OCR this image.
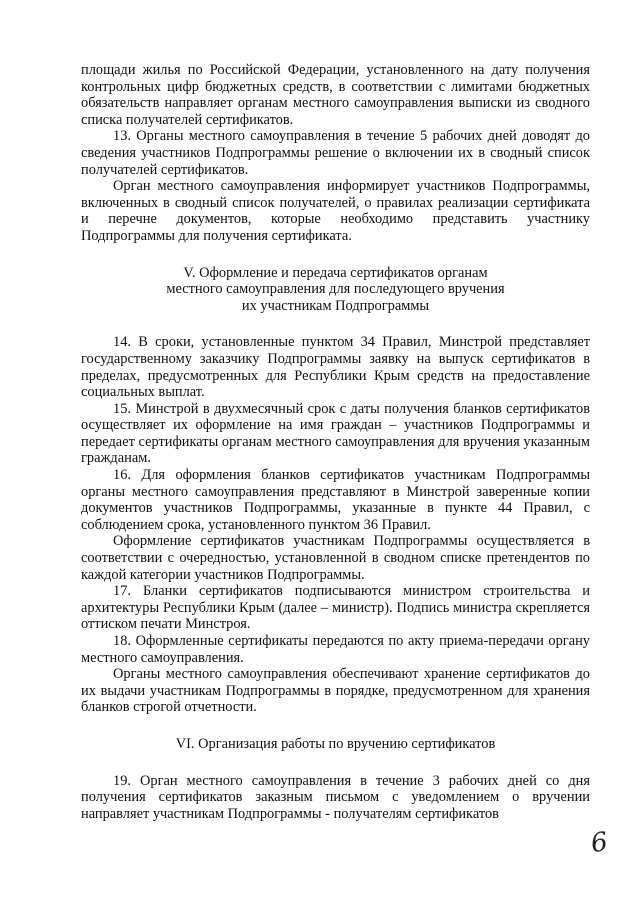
площади жилья по Российской Федерации, установленного на дату получения контрольных цифр бюджетных средств, в соответствии с лимитами бюджетных обязательств направляет органам местного самоуправления выписки из сводного списка получателей сертификатов.

13. Органы местного самоуправления в течение 5 рабочих дней доводят до сведения участников Подпрограммы решение о включении их в сводный список получателей сертификатов.

Орган местного самоуправления информирует участников Подпрограммы, включенных в сводный список получателей, о правилах реализации сертификата и перечне документов, которые необходимо представить участнику Подпрограммы для получения сертификата.

V. Оформление и передача сертификатов органам
местного самоуправления для последующего вручения
их участникам Подпрограммы

14. В сроки, установленные пунктом 34 Правил, Минстрой представляет государственному заказчику Подпрограммы заявку на выпуск сертификатов в пределах, предусмотренных для Республики Крым средств на предоставление социальных выплат.

15. Минстрой в двухмесячный срок с даты получения бланков сертификатов осуществляет их оформление на имя граждан – участников Подпрограммы и передает сертификаты органам местного самоуправления для вручения указанным гражданам.

16. Для оформления бланков сертификатов участникам Подпрограммы органы местного самоуправления представляют в Минстрой заверенные копии документов участников Подпрограммы, указанные в пункте 44 Правил, с соблюдением срока, установленного пунктом 36 Правил.

Оформление сертификатов участникам Подпрограммы осуществляется в соответствии с очередностью, установленной в сводном списке претендентов по каждой категории участников Подпрограммы.

17. Бланки сертификатов подписываются министром строительства и архитектуры Республики Крым (далее – министр). Подпись министра скрепляется оттиском печати Минстроя.

18. Оформленные сертификаты передаются по акту приема-передачи органу местного самоуправления.

Органы местного самоуправления обеспечивают хранение сертификатов до их выдачи участникам Подпрограммы в порядке, предусмотренном для хранения бланков строгой отчетности.

VI. Организация работы по вручению сертификатов

19. Орган местного самоуправления в течение 3 рабочих дней со дня получения сертификатов заказным письмом с уведомлением о вручении направляет участникам Подпрограммы - получателям сертификатов

6
